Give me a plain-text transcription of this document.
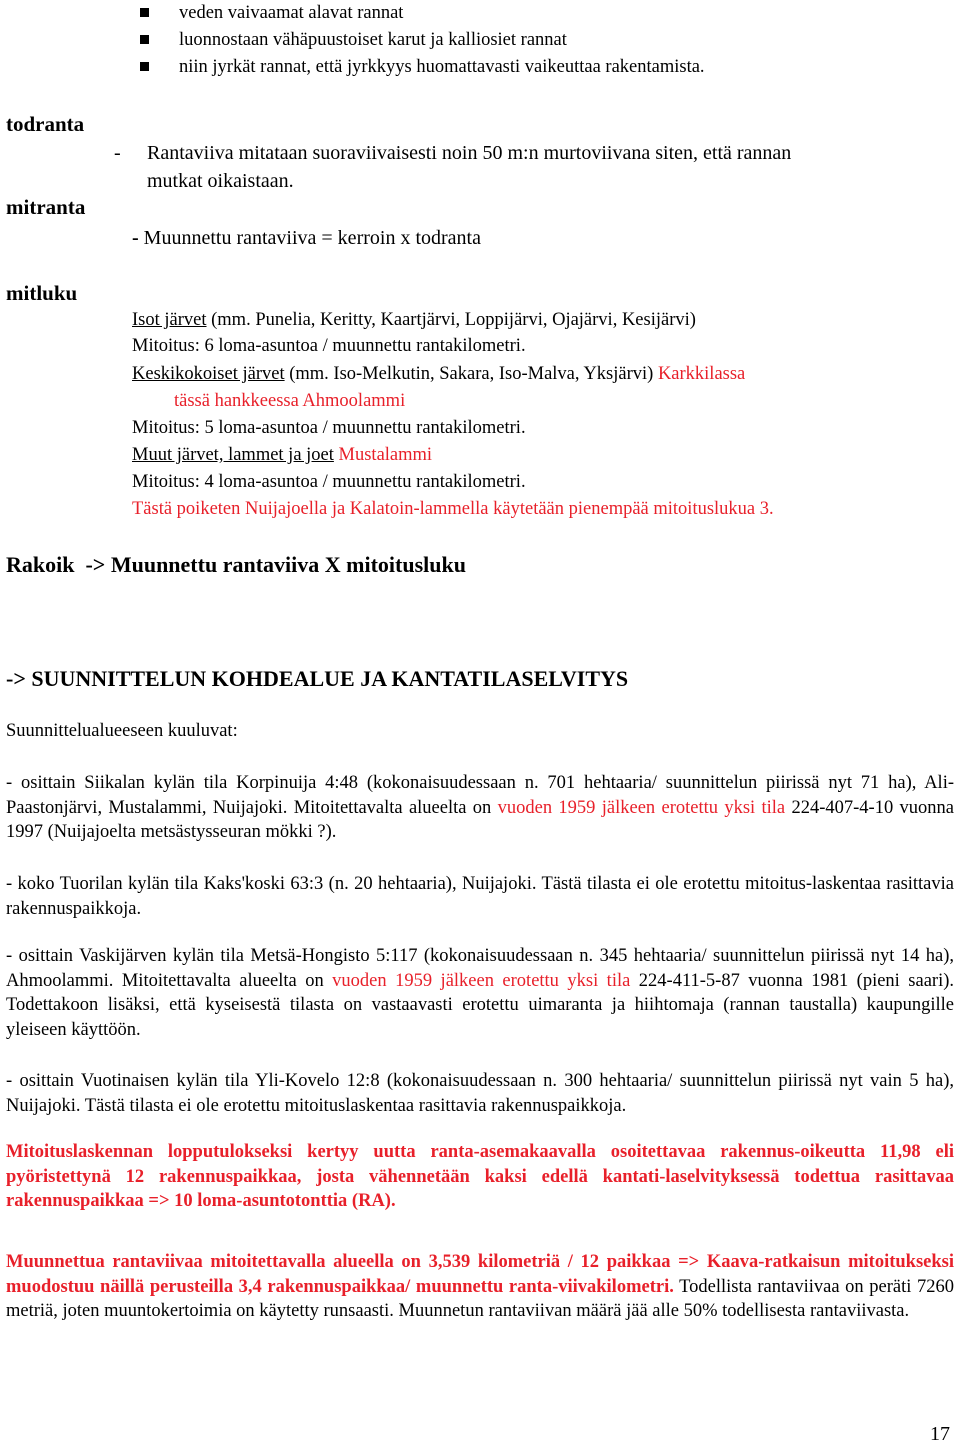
veden vaivaamat alavat rannat
luonnostaan vähäpuustoiset karut ja kalliosiet rannat
niin jyrkät rannat, että jyrkkyys huomattavasti vaikeuttaa rakentamista.
todranta
mitranta
mitluku
- Rantaviiva mitataan suoraviivaisesti noin 50 m:n murtoviivana siten, että rannan
mutkat oikaistaan.
- Muunnettu rantaviiva = kerroin x todranta
Isot järvet (mm. Punelia, Keritty, Kaartjärvi, Loppijärvi, Ojajärvi, Kesijärvi)
Mitoitus: 6 loma-asuntoa / muunnettu rantakilometri.
Keskikokoiset järvet (mm. Iso-Melkutin, Sakara, Iso-Malva, Yksjärvi) Karkkilassa
tässä hankkeessa Ahmoolammi
Mitoitus: 5 loma-asuntoa / muunnettu rantakilometri.
Muut järvet, lammet ja joet Mustalammi
Mitoitus: 4 loma-asuntoa / muunnettu rantakilometri.
Tästä poiketen Nuijajoella ja Kalatoin-lammella käytetään pienempää mitoituslukua 3.
Rakoik  -> Muunnettu rantaviiva X mitoitusluku
-> SUUNNITTELUN KOHDEALUE JA KANTATILASELVITYS
Suunnittelualueeseen kuuluvat:
- osittain Siikalan kylän tila Korpinuija 4:48 (kokonaisuudessaan n. 701 hehtaaria/ suunnittelun piirissä nyt 71 ha), Ali-Paastonjärvi, Mustalammi, Nuijajoki. Mitoitettavalta alueelta on vuoden 1959 jälkeen erotettu yksi tila 224-407-4-10 vuonna 1997 (Nuijajoelta metsästysseuran mökki ?).
- koko Tuorilan kylän tila Kaks'koski 63:3 (n. 20 hehtaaria), Nuijajoki. Tästä tilasta ei ole erotettu mitoitus-laskentaa rasittavia rakennuspaikkoja.
- osittain Vaskijärven kylän tila Metsä-Hongisto 5:117 (kokonaisuudessaan n. 345 hehtaaria/ suunnittelun piirissä nyt 14 ha), Ahmoolammi. Mitoitettavalta alueelta on vuoden 1959 jälkeen erotettu yksi tila 224-411-5-87 vuonna 1981 (pieni saari). Todettakoon lisäksi, että kyseisestä tilasta on vastaavasti erotettu uimaranta ja hiihtomaja (rannan taustalla) kaupungille yleiseen käyttöön.
- osittain Vuotinaisen kylän tila Yli-Kovelo 12:8 (kokonaisuudessaan n. 300 hehtaaria/ suunnittelun piirissä nyt vain 5 ha), Nuijajoki. Tästä tilasta ei ole erotettu mitoituslaskentaa rasittavia rakennuspaikkoja.
Mitoituslaskennan lopputulokseksi kertyy uutta ranta-asemakaavalla osoitettavaa rakennus-oikeutta 11,98 eli pyöristettynä 12 rakennuspaikkaa, josta vähennetään kaksi edellä kantati-laselvityksessä todettua rasittavaa rakennuspaikkaa => 10 loma-asuntotonttia (RA).
Muunnettua rantaviivaa mitoitettavalla alueella on 3,539 kilometriä / 12 paikkaa => Kaava-ratkaisun mitoitukseksi muodostuu näillä perusteilla 3,4 rakennuspaikkaa/ muunnettu ranta-viivakilometri. Todellista rantaviivaa on peräti 7260 metriä, joten muuntokertoimia on käytetty runsaasti. Muunnetun rantaviivan määrä jää alle 50% todellisesta rantaviivasta.
17
